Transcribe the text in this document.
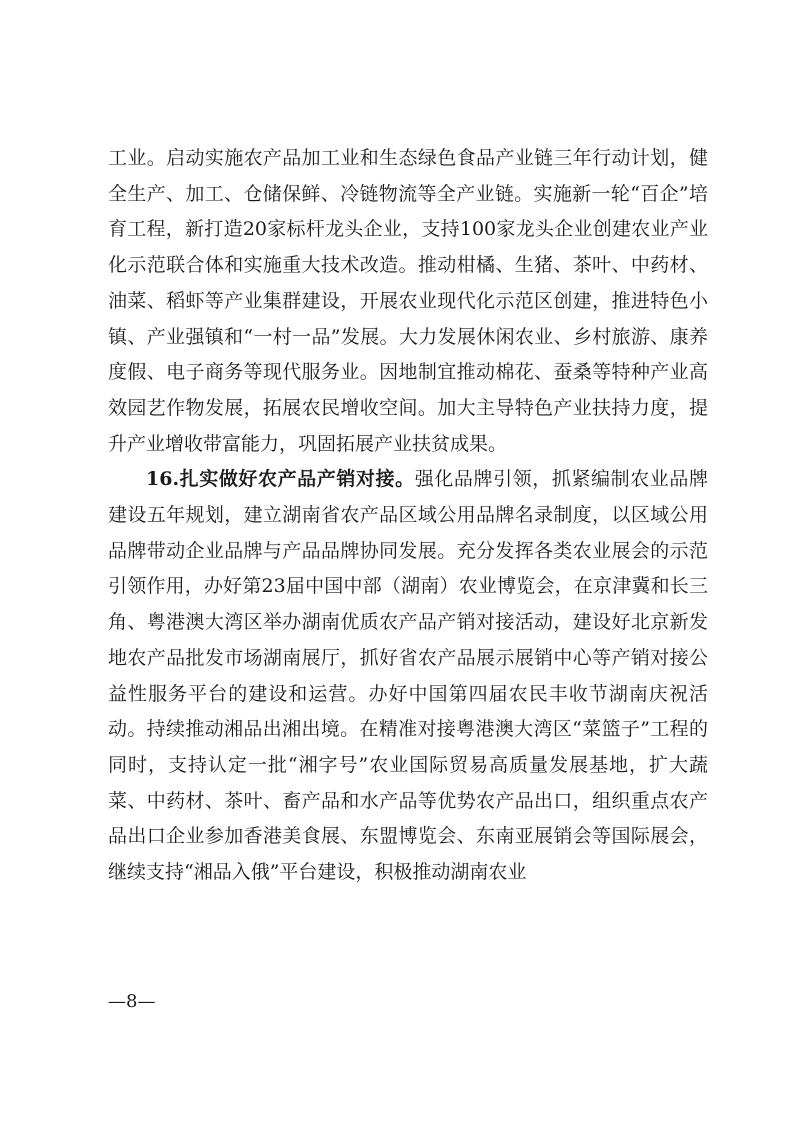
工业。启动实施农产品加工业和生态绿色食品产业链三年行动计划，健全生产、加工、仓储保鲜、冷链物流等全产业链。实施新一轮“百企”培育工程，新打造20家标杆龙头企业，支持100家龙头企业创建农业产业化示范联合体和实施重大技术改造。推动柑橘、生猪、茶叶、中药材、油菜、稻虾等产业集群建设，开展农业现代化示范区创建，推进特色小镇、产业强镇和“一村一品”发展。大力发展休闲农业、乡村旅游、康养度假、电子商务等现代服务业。因地制宜推动棉花、蚕桑等特种产业高效园艺作物发展，拓展农民增收空间。加大主导特色产业扶持力度，提升产业增收带富能力，巩固拓展产业扶贫成果。

16.扎实做好农产品产销对接。强化品牌引领，抓紧编制农业品牌建设五年规划，建立湖南省农产品区域公用品牌名录制度，以区域公用品牌带动企业品牌与产品品牌协同发展。充分发挥各类农业展会的示范引领作用，办好第23届中国中部（湖南）农业博览会，在京津冀和长三角、粤港澳大湾区举办湖南优质农产品产销对接活动，建设好北京新发地农产品批发市场湖南展厅，抓好省农产品展示展销中心等产销对接公益性服务平台的建设和运营。办好中国第四届农民丰收节湖南庆祝活动。持续推动湘品出湘出境。在精准对接粤港澳大湾区“菜篮子”工程的同时，支持认定一批“湘字号”农业国际贸易高质量发展基地，扩大蔬菜、中药材、茶叶、畜产品和水产品等优势农产品出口，组织重点农产品出口企业参加香港美食展、东盟博览会、东南亚展销会等国际展会，继续支持“湘品入俄”平台建设，积极推动湖南农业

—8—
